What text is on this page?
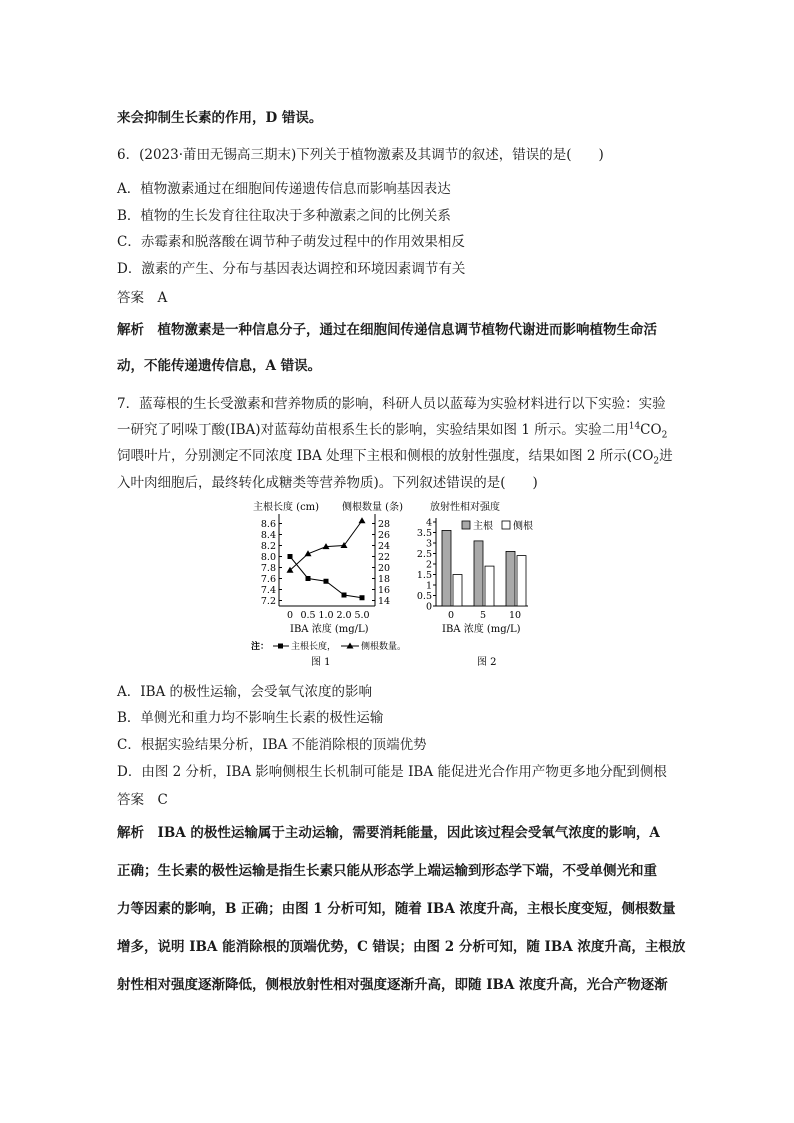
来会抑制生长素的作用，D 错误。
6．(2023·莆田无锡高三期末)下列关于植物激素及其调节的叙述，错误的是(　　)
A．植物激素通过在细胞间传递遗传信息而影响基因表达
B．植物的生长发育往往取决于多种激素之间的比例关系
C．赤霉素和脱落酸在调节种子萌发过程中的作用效果相反
D．激素的产生、分布与基因表达调控和环境因素调节有关
答案　A
解析　植物激素是一种信息分子，通过在细胞间传递信息调节植物代谢进而影响植物生命活
动，不能传递遗传信息，A 错误。
7．蓝莓根的生长受激素和营养物质的影响，科研人员以蓝莓为实验材料进行以下实验：实验
一研究了吲哚丁酸(IBA)对蓝莓幼苗根系生长的影响，实验结果如图 1 所示。实验二用$^{14}CO_2$
饲喂叶片，分别测定不同浓度 IBA 处理下主根和侧根的放射性强度，结果如图 2 所示($CO_2$进
入叶肉细胞后，最终转化成糖类等营养物质)。下列叙述错误的是(　　)
主根长度 (cm) 侧根数量 (条)
IBA 浓度 (mg/L)
注： 主根长度，	侧根数量。
图 1
7.2
7.4
7.6
7.8
8.0
8.2
8.4
8.6
14
16
18
20
22
24
26
28
0 0.5 1.0 2.0 5.0
放射性相对强度
IBA 浓度 (mg/L)
图 2
0
0.5
1
1.5
2
2.5
3
3.5
4
0	5 10
主根 侧根
A．IBA 的极性运输，会受氧气浓度的影响
B．单侧光和重力均不影响生长素的极性运输
C．根据实验结果分析，IBA 不能消除根的顶端优势
D．由图 2 分析，IBA 影响侧根生长机制可能是 IBA 能促进光合作用产物更多地分配到侧根
答案　C
解析　IBA 的极性运输属于主动运输，需要消耗能量，因此该过程会受氧气浓度的影响，A
正确；生长素的极性运输是指生长素只能从形态学上端运输到形态学下端，不受单侧光和重
力等因素的影响，B 正确；由图 1 分析可知，随着 IBA 浓度升高，主根长度变短，侧根数量
增多，说明 IBA 能消除根的顶端优势，C 错误；由图 2 分析可知，随 IBA 浓度升高，主根放
射性相对强度逐渐降低，侧根放射性相对强度逐渐升高，即随 IBA 浓度升高，光合产物逐渐
